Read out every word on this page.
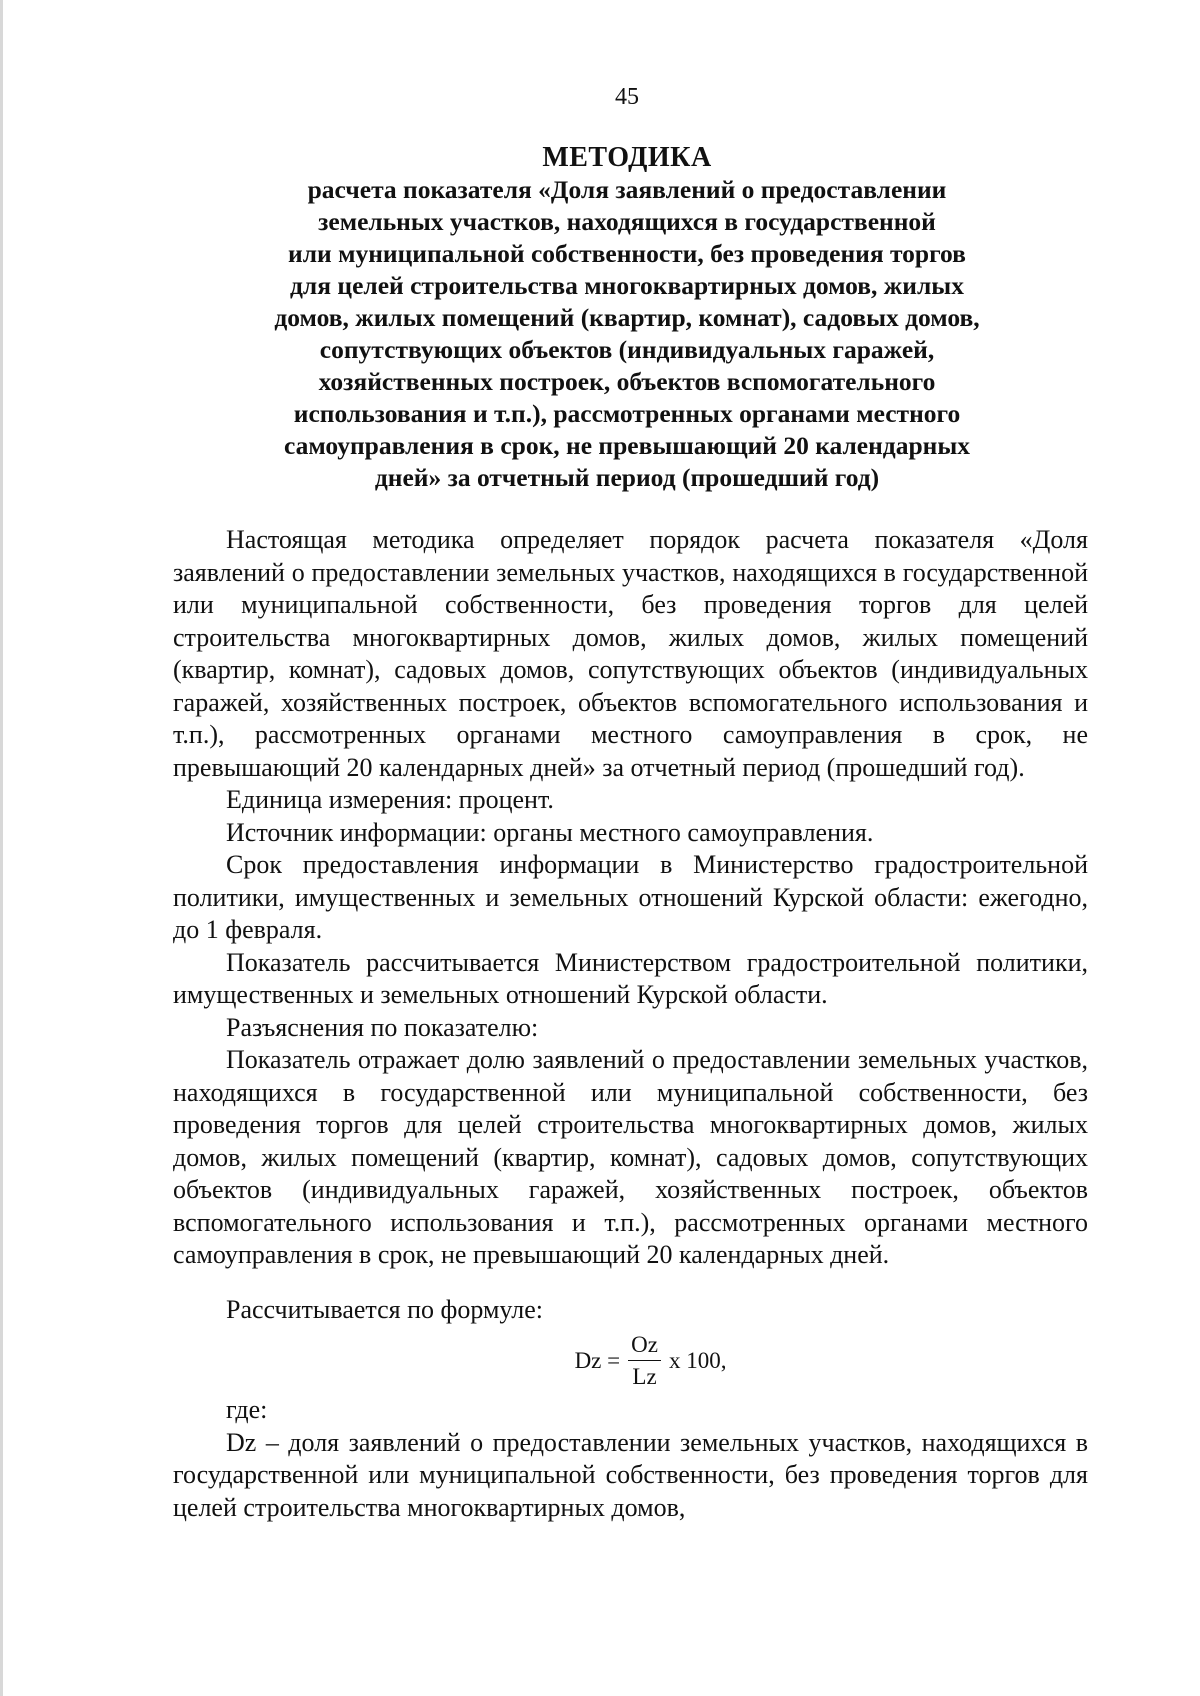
45
МЕТОДИКА
расчета показателя «Доля заявлений о предоставлении
земельных участков, находящихся в государственной
или муниципальной собственности, без проведения торгов
для целей строительства многоквартирных домов, жилых
домов, жилых помещений (квартир, комнат), садовых домов,
сопутствующих объектов (индивидуальных гаражей,
хозяйственных построек, объектов вспомогательного
использования и т.п.), рассмотренных органами местного
самоуправления в срок, не превышающий 20 календарных
дней» за отчетный период (прошедший год)

Настоящая методика определяет порядок расчета показателя «Доля заявлений о предоставлении земельных участков, находящихся в государственной или муниципальной собственности, без проведения торгов для целей строительства многоквартирных домов, жилых домов, жилых помещений (квартир, комнат), садовых домов, сопутствующих объектов (индивидуальных гаражей, хозяйственных построек, объектов вспомогательного использования и т.п.), рассмотренных органами местного самоуправления в срок, не превышающий 20 календарных дней» за отчетный период (прошедший год).

Единица измерения: процент.

Источник информации: органы местного самоуправления.

Срок предоставления информации в Министерство градостроительной политики, имущественных и земельных отношений Курской области: ежегодно, до 1 февраля.

Показатель рассчитывается Министерством градостроительной политики, имущественных и земельных отношений Курской области.

Разъяснения по показателю:

Показатель отражает долю заявлений о предоставлении земельных участков, находящихся в государственной или муниципальной собственности, без проведения торгов для целей строительства многоквартирных домов, жилых домов, жилых помещений (квартир, комнат), садовых домов, сопутствующих объектов (индивидуальных гаражей, хозяйственных построек, объектов вспомогательного использования и т.п.), рассмотренных органами местного самоуправления в срок, не превышающий 20 календарных дней.

Рассчитывается по формуле:

$Dz = \frac{Oz}{Lz}$ х 100,

где:

Dz – доля заявлений о предоставлении земельных участков, находящихся в государственной или муниципальной собственности, без проведения торгов для целей строительства многоквартирных домов,
